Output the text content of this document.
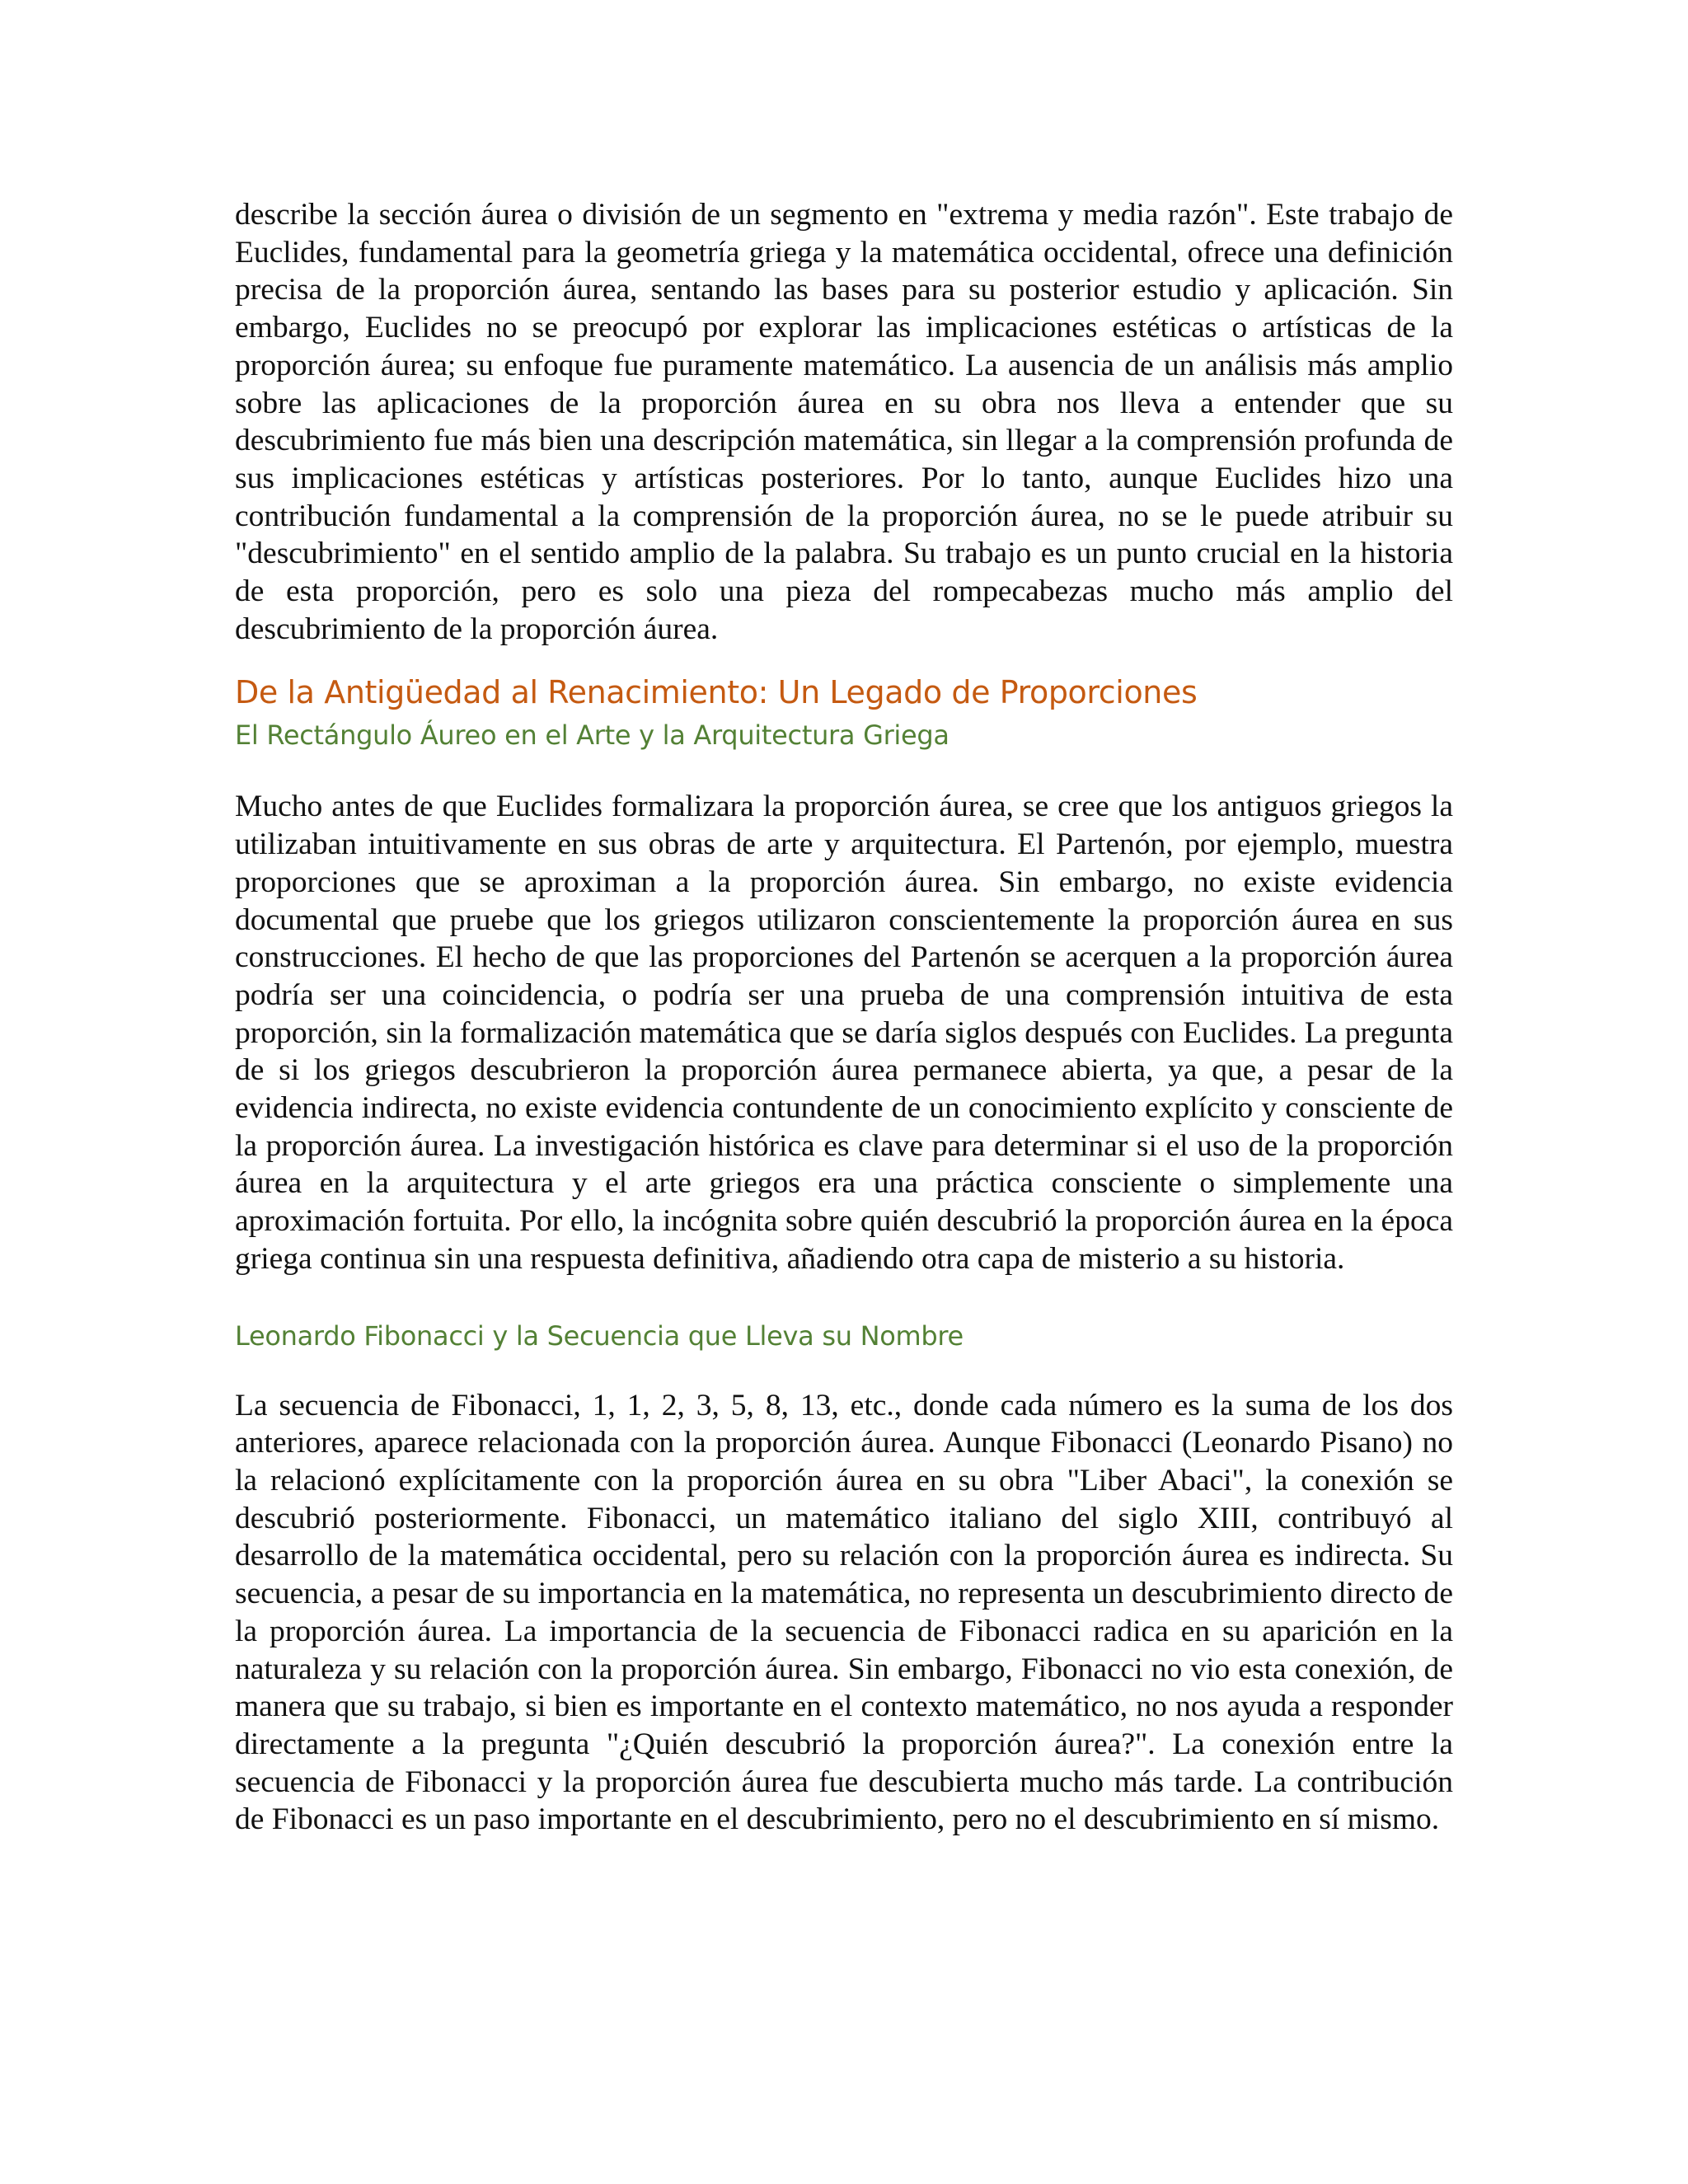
describe la sección áurea o división de un segmento en "extrema y media razón". Este trabajo de Euclides, fundamental para la geometría griega y la matemática occidental, ofrece una definición precisa de la proporción áurea, sentando las bases para su posterior estudio y aplicación. Sin embargo, Euclides no se preocupó por explorar las implicaciones estéticas o artísticas de la proporción áurea; su enfoque fue puramente matemático. La ausencia de un análisis más amplio sobre las aplicaciones de la proporción áurea en su obra nos lleva a entender que su descubrimiento fue más bien una descripción matemática, sin llegar a la comprensión profunda de sus implicaciones estéticas y artísticas posteriores. Por lo tanto, aunque Euclides hizo una contribución fundamental a la comprensión de la proporción áurea, no se le puede atribuir su "descubrimiento" en el sentido amplio de la palabra. Su trabajo es un punto crucial en la historia de esta proporción, pero es solo una pieza del rompecabezas mucho más amplio del descubrimiento de la proporción áurea.

De la Antigüedad al Renacimiento: Un Legado de Proporciones
El Rectángulo Áureo en el Arte y la Arquitectura Griega

Mucho antes de que Euclides formalizara la proporción áurea, se cree que los antiguos griegos la utilizaban intuitivamente en sus obras de arte y arquitectura. El Partenón, por ejemplo, muestra proporciones que se aproximan a la proporción áurea. Sin embargo, no existe evidencia documental que pruebe que los griegos utilizaron conscientemente la proporción áurea en sus construcciones. El hecho de que las proporciones del Partenón se acerquen a la proporción áurea podría ser una coincidencia, o podría ser una prueba de una comprensión intuitiva de esta proporción, sin la formalización matemática que se daría siglos después con Euclides. La pregunta de si los griegos descubrieron la proporción áurea permanece abierta, ya que, a pesar de la evidencia indirecta, no existe evidencia contundente de un conocimiento explícito y consciente de la proporción áurea. La investigación histórica es clave para determinar si el uso de la proporción áurea en la arquitectura y el arte griegos era una práctica consciente o simplemente una aproximación fortuita. Por ello, la incógnita sobre quién descubrió la proporción áurea en la época griega continua sin una respuesta definitiva, añadiendo otra capa de misterio a su historia.

Leonardo Fibonacci y la Secuencia que Lleva su Nombre

La secuencia de Fibonacci, 1, 1, 2, 3, 5, 8, 13, etc., donde cada número es la suma de los dos anteriores, aparece relacionada con la proporción áurea. Aunque Fibonacci (Leonardo Pisano) no la relacionó explícitamente con la proporción áurea en su obra "Liber Abaci", la conexión se descubrió posteriormente. Fibonacci, un matemático italiano del siglo XIII, contribuyó al desarrollo de la matemática occidental, pero su relación con la proporción áurea es indirecta. Su secuencia, a pesar de su importancia en la matemática, no representa un descubrimiento directo de la proporción áurea. La importancia de la secuencia de Fibonacci radica en su aparición en la naturaleza y su relación con la proporción áurea. Sin embargo, Fibonacci no vio esta conexión, de manera que su trabajo, si bien es importante en el contexto matemático, no nos ayuda a responder directamente a la pregunta "¿Quién descubrió la proporción áurea?". La conexión entre la secuencia de Fibonacci y la proporción áurea fue descubierta mucho más tarde. La contribución de Fibonacci es un paso importante en el descubrimiento, pero no el descubrimiento en sí mismo.
